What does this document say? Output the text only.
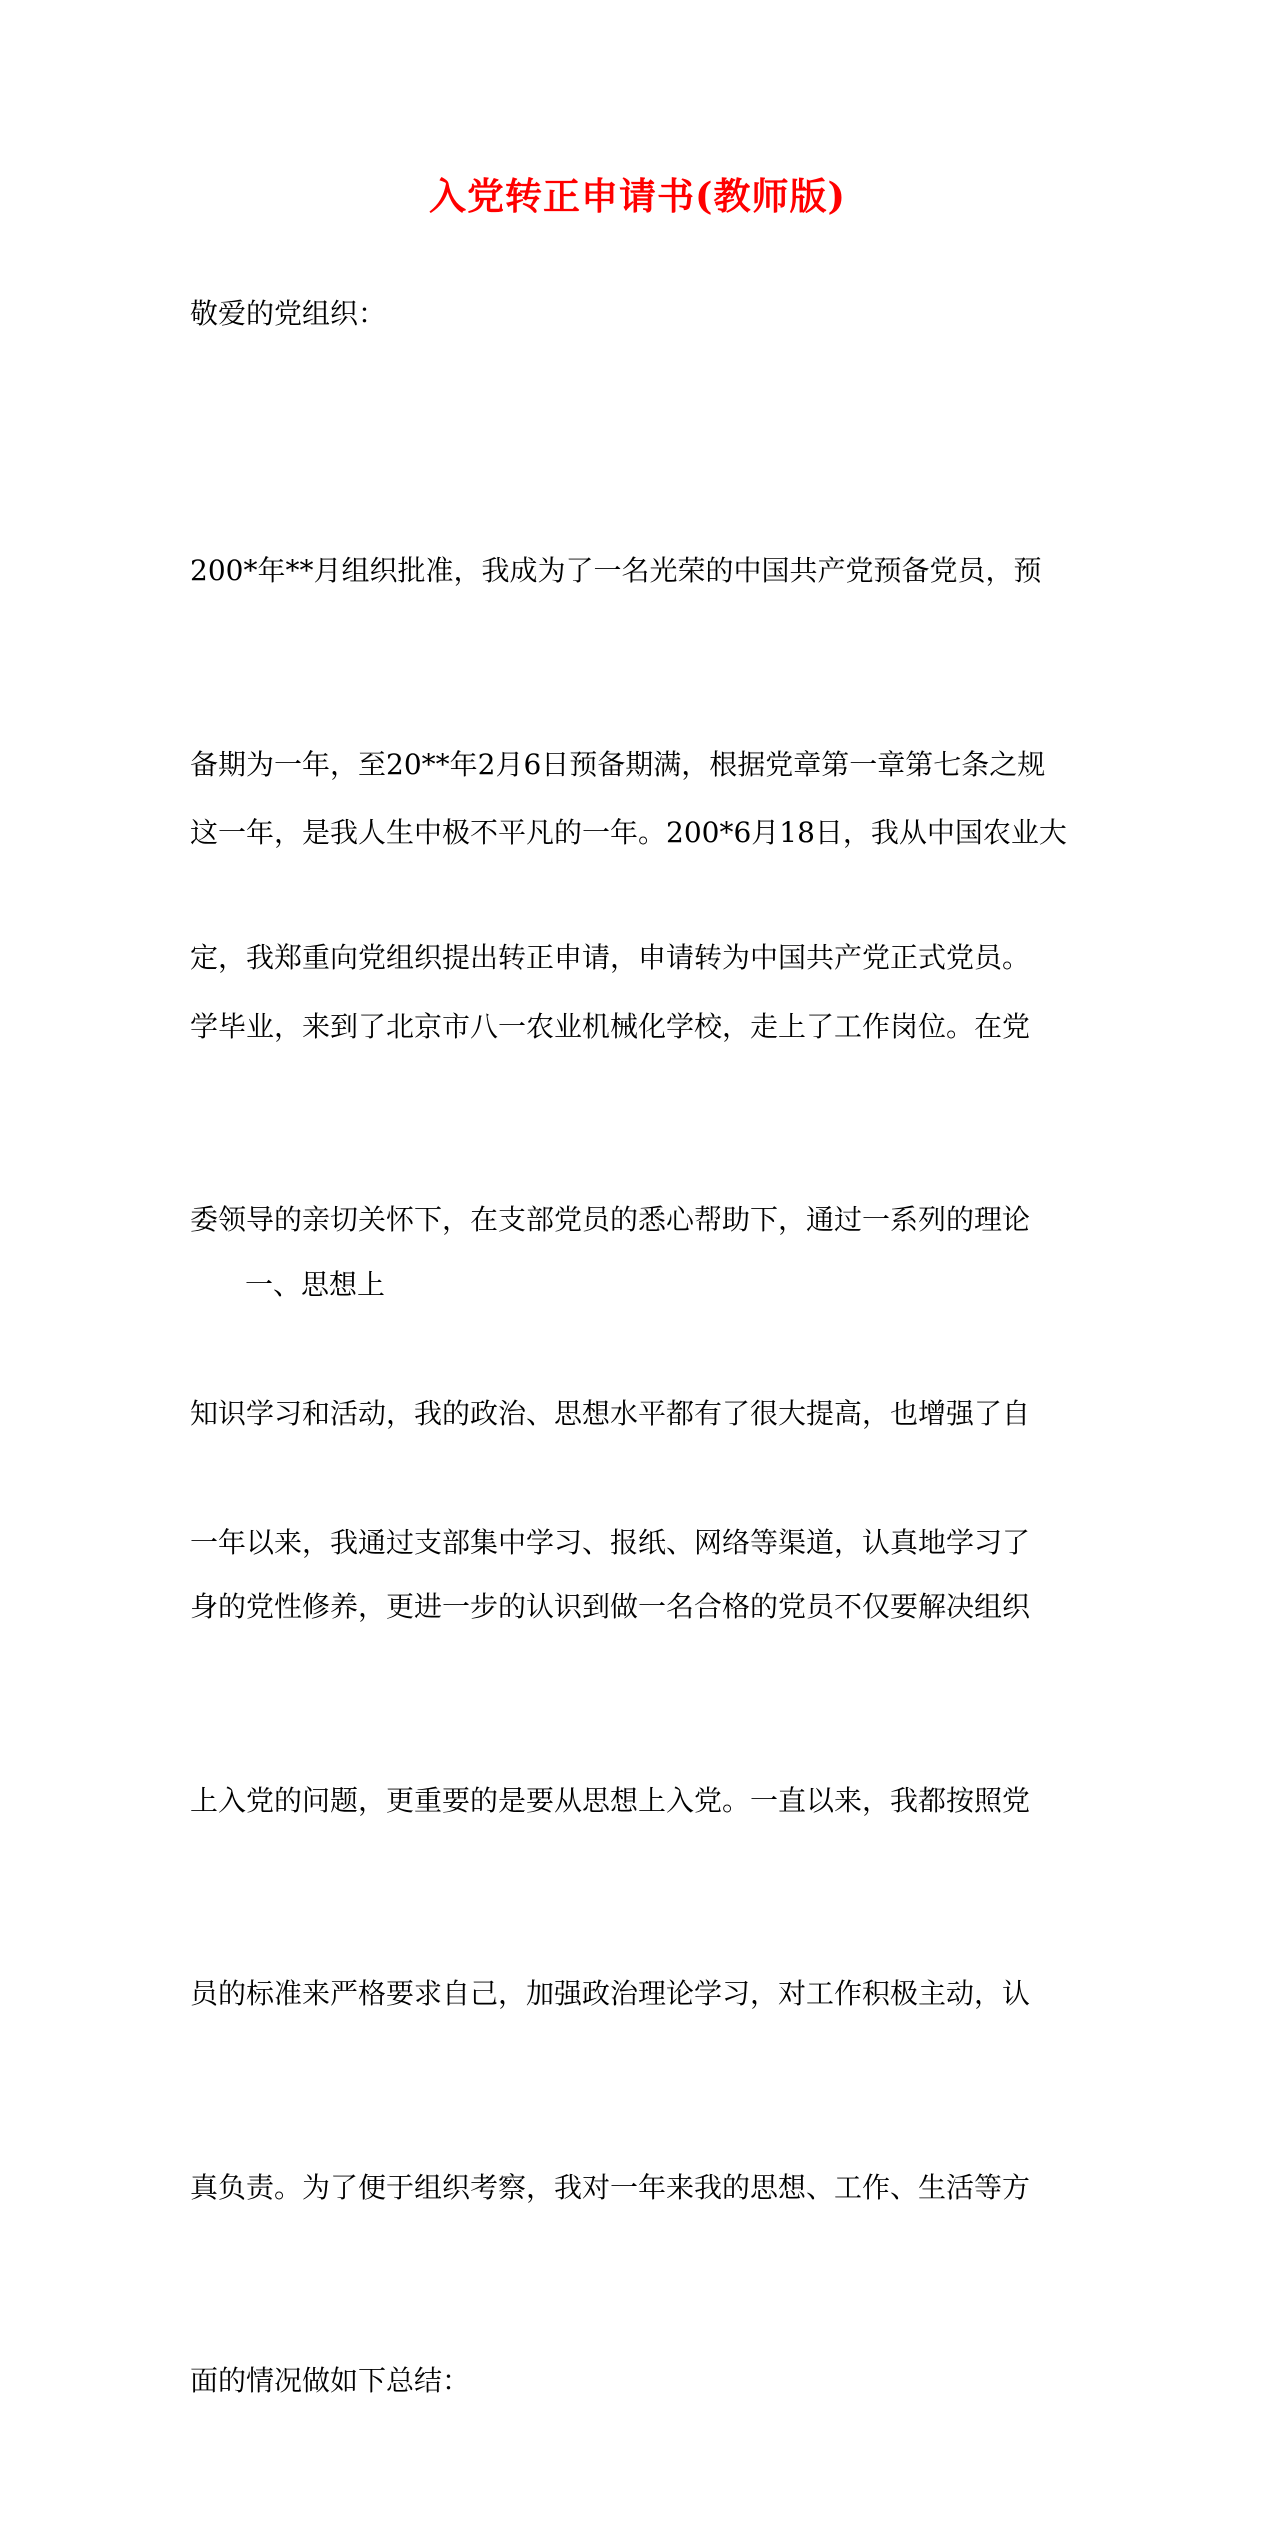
入党转正申请书(教师版)
敬爱的党组织：

200*年**月组织批准，我成为了一名光荣的中国共产党预备党员，预

备期为一年，至20**年2月6日预备期满，根据党章第一章第七条之规

定，我郑重向党组织提出转正申请，申请转为中国共产党正式党员。

这一年，是我人生中极不平凡的一年。200*6月18日，我从中国农业大

学毕业，来到了北京市八一农业机械化学校，走上了工作岗位。在党

委领导的亲切关怀下，在支部党员的悉心帮助下，通过一系列的理论

知识学习和活动，我的政治、思想水平都有了很大提高，也增强了自

身的党性修养，更进一步的认识到做一名合格的党员不仅要解决组织

上入党的问题，更重要的是要从思想上入党。一直以来，我都按照党

员的标准来严格要求自己，加强政治理论学习，对工作积极主动，认

真负责。为了便于组织考察，我对一年来我的思想、工作、生活等方

面的情况做如下总结：

一、思想上

一年以来，我通过支部集中学习、报纸、网络等渠道，认真地学习了
